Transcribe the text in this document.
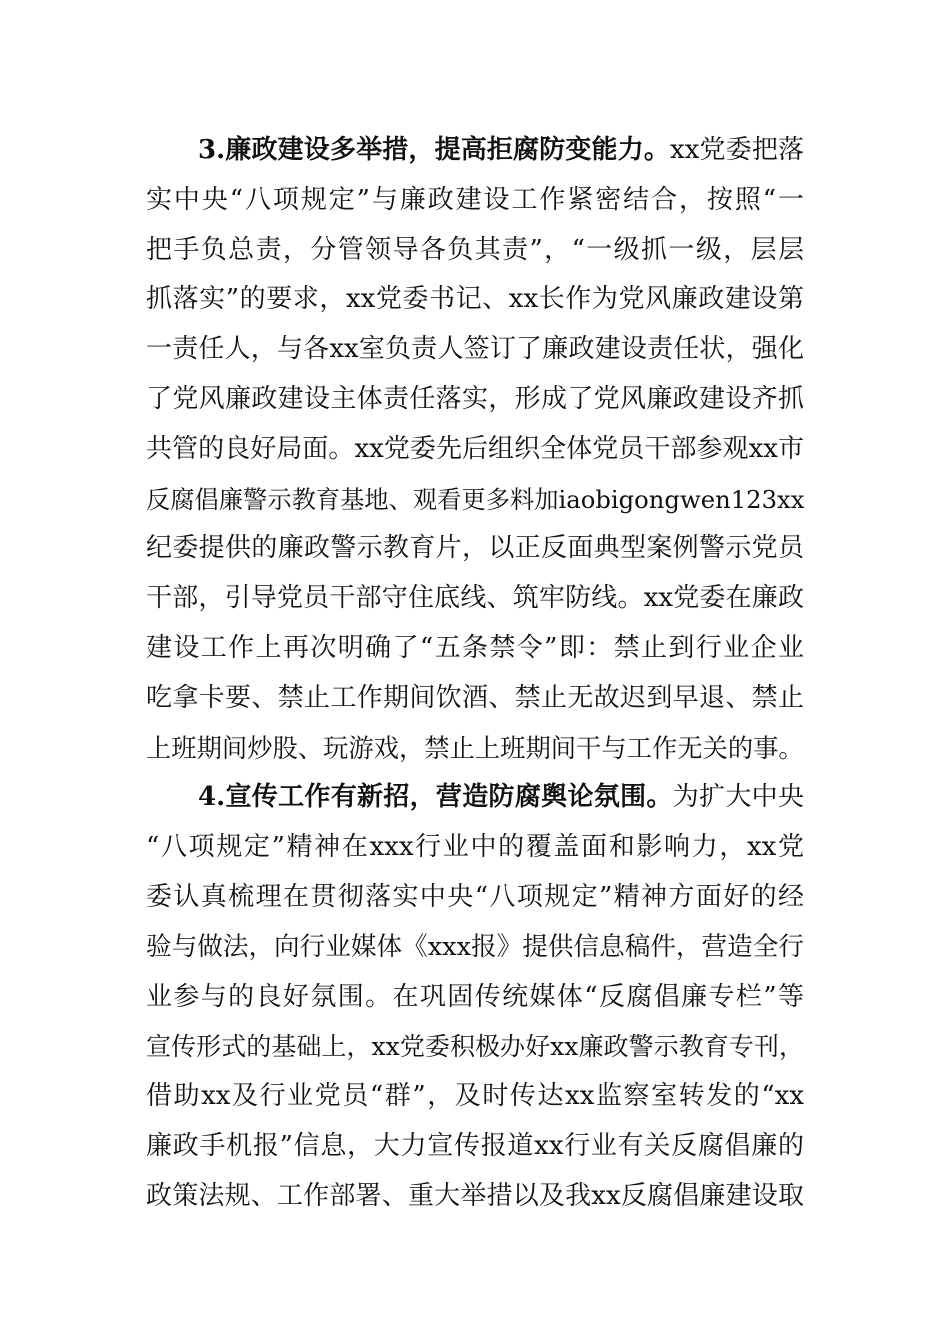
3.廉政建设多举措，提高拒腐防变能力。xx党委把落
实中央“八项规定”与廉政建设工作紧密结合，按照“一
把手负总责，分管领导各负其责”，“一级抓一级，层层
抓落实”的要求，xx党委书记、xx长作为党风廉政建设第
一责任人，与各xx室负责人签订了廉政建设责任状，强化
了党风廉政建设主体责任落实，形成了党风廉政建设齐抓
共管的良好局面。xx党委先后组织全体党员干部参观xx市
反腐倡廉警示教育基地、观看更多料加iaobigongwen123xx
纪委提供的廉政警示教育片，以正反面典型案例警示党员
干部，引导党员干部守住底线、筑牢防线。xx党委在廉政
建设工作上再次明确了“五条禁令”即：禁止到行业企业
吃拿卡要、禁止工作期间饮酒、禁止无故迟到早退、禁止
上班期间炒股、玩游戏，禁止上班期间干与工作无关的事。
4.宣传工作有新招，营造防腐舆论氛围。为扩大中央
“八项规定”精神在xxx行业中的覆盖面和影响力，xx党
委认真梳理在贯彻落实中央“八项规定”精神方面好的经
验与做法，向行业媒体《xxx报》提供信息稿件，营造全行
业参与的良好氛围。在巩固传统媒体“反腐倡廉专栏”等
宣传形式的基础上，xx党委积极办好xx廉政警示教育专刊，
借助xx及行业党员“群”，及时传达xx监察室转发的“xx
廉政手机报”信息，大力宣传报道xx行业有关反腐倡廉的
政策法规、工作部署、重大举措以及我xx反腐倡廉建设取
